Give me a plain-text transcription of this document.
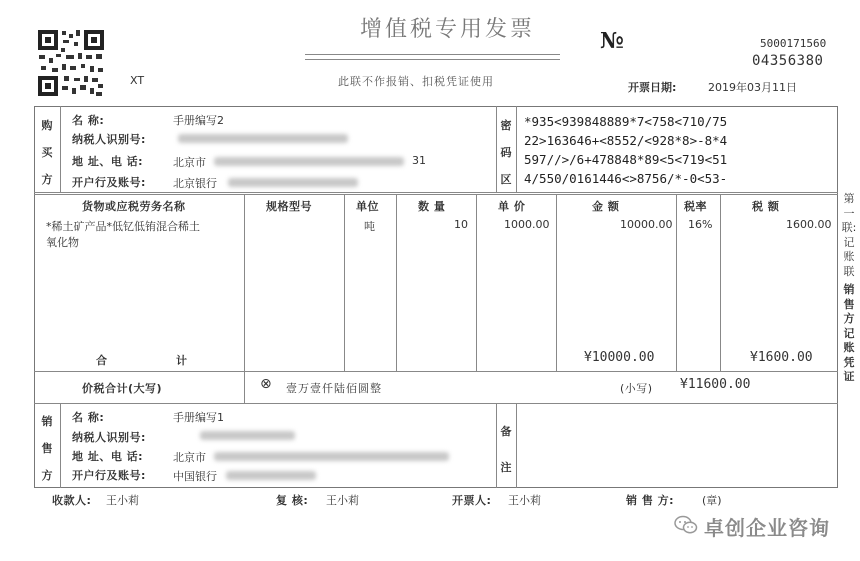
XT
增值税专用发票
此联不作报销、扣税凭证使用
№	5000171560
04356380
开票日期:	2019年03月11日
购
买
方
名 称:	手册编写2
纳税人识别号:
地 址、电 话:	北京市	31
开户行及账号: 北京银行
密
码
区
*935<939848889*7<758<710/75
22>163646+<8552/<928*8>-8*4
597//>/6+478848*89<5<719<51
4/550/0161446<>8756/*-0<53-
货物或应税劳务名称	规格型号	单位	数 量	单 价	金 额	税率	税 额
*稀土矿产品*低钇低铕混合稀土
氧化物
吨	10	1000.00	10000.00 16%	1600.00
合	计	¥10000.00	¥1600.00
价税合计(大写)	⊗ 壹万壹仟陆佰圆整	(小写) ¥11600.00
销
售
方
名 称:	手册编写1
纳税人识别号:
地 址、电 话:	北京市
开户行及账号: 中国银行
备
注
收款人: 王小莉	复 核: 王小莉	开票人: 王小莉	销 售 方:	(章)
第一联:记账联
销售方记账凭证
卓创企业咨询
